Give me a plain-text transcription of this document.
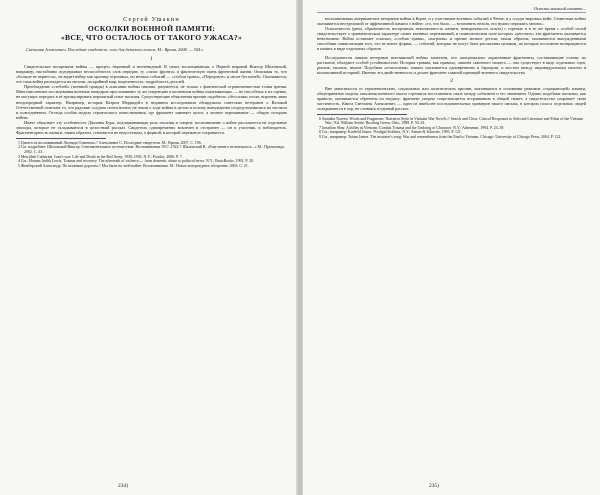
Сергей Ушакин
ОСКОЛКИ ВОЕННОЙ ПАМЯТИ:
«ВСЕ, ЧТО ОСТАЛОСЬ ОТ ТАКОГО УЖАСА?»
Светлана Алексиевич. Последние свидетели: соло для детского голоса. М.: Время, 2008. — 304 с.
1

Свидетельское восприятие войны — процесс неровный и неочевидный. В своих воспоминаниях о Первой мировой Виктор Шкловский, например, настойчиво подчеркивал неспособность слов передать ту «запах фронта» и фактическую ткань фронтовой жизни. Описывая то, что «больше не вернется», он видит войну как хронику огромных, но мелких событий — «стебли травы», «Передовое» и «ноги без коней». Оказывается, что сама война распадается на мелочи, на крайний мир, выделенность, подробность деталей.

Преобладание «стеблей» (военной правды) в описании войны связано, разумеется, не только с фактической ограниченностью точки зрения. Многочисленные исследования военных мемуаров прослеживают ту же тенденцию в косвенном войны охватывающих — не способных к их оценке, не могущих передать в её артикулировать пережитый опыт насилия. Существующие объяснения причин подобного «бессилия» носят, впрочем, явно неоднородный характер. Например, историк Катрин Мерридейл в недавнем исследовании обнаружила советских ветеранов о Великой Отечественной отмечает то, что рядовые солдаты почти ничего не знали о ходе войны в целом и потому вынужденно сосредоточивались на частном и повседневном. Отсюда особая модель героического повествования, где фрагмент заменяет целое, а личное переживание — общую историю войны.

Иначе объясняет эту особенность Джоанна Бурк, подчеркивающая роль насилия и смерти: воспоминание о войне рассыпается на отдельные эпизоды, которые не складываются в целостный рассказ. Свидетель одновременно вовлечен и отстранен — он и участник, и наблюдатель. Фрагментарность памяти, таким образом, становится не недостатком, а формой, в которой пережитое сохраняется.

1 Цитата из воспоминаний Леонида Семенова // Алексиевич С. Последние свидетели. М.: Время, 2007. С. 196.

2 См. подробнее: Шкловский Виктор. Сентиментальное путешествие: Воспоминания 1917–1922 // Шкловский В. «Еще ничего не кончилось...» М.: Пропаганда, 2002. С. 43.

3 Merridale Catherine. Ivan's war: Life and Death in the Red Army, 1939–1945. N.Y.: Picador, 2006. P. 7.

4 См.: Homan Judith Lewis. Trauma and recovery: The aftermath of violence — from domestic abuse to political terror. N.Y.: BasicBooks, 1992. P. 20.

5 Жемберский Александр. По военным дорогам // Мы были на этой войне: Воспоминания. М.: Новое литературное обозрение, 2003. С. 21.

234)
Осколки военной памяти...

воспоминаниях американских ветеранов войны в Корее, и у участников военных событий в Чечне, и у солдат мировых войн. Семиотика войны оказывается неотделимой от аффективной памяти о войне: «то, что было, — вспомнить нельзя, его нужно пережить заново».

Осколочность (речи, обрывочность восприятия, невозможность памяти, невыразимость опыта) с горечью и в то же время с особой силой свидетельствует о травматическом характере самих военных переживаний, в символическом поле которых «рассеять» эти фрагменты оказывается невозможно. Война оставляет осколки, «стеблю травы», «патроны» и прочие мелкие детали, таким образом, оказываются вынужденными способами символизации того, что не имеет формы, — событий, которые не могут быть рассказаны целиком, но которые постоянно возвращаются в память в виде отдельных образов.

Исследователи памяти ветеранов вьетнамской войны заметили, что эмоционально окрашенные фрагменты, составляющие основу их рассказов, обладают особой устойчивостью. История травмы, как правило, лишена сквозного сюжета — она существует в виде отдельных сцен, реплик, запахов, звуков. Подобная «осколочная» память оказывается одновременно и барьером, и мостом между индивидуальным опытом и коллективной историей. Именно эта двойственность и делает фрагмент главной единицей военного свидетельства.

2

Вне зависимости от терапевтических, социальных или политических причин, оказавшихся в основании режимов «отражающей» памяти, общепринятые модели описания военного опыта стремятся восстановить связь между событием и его значением. Однако подобные попытки, как правило, оказываются обречены на неудачу: фрагмент упорно сопротивляется встраиванию в общий сюжет, а свидетельство сохраняет свою частичность. Книга Светланы Алексиевич — один из наиболее последовательных примеров такого письма, в котором голоса отдельных людей складываются в хор, не сливаясь в единый рассказ.

6 Amitaba Noreen. Words and Fragments: Narrative Style in Vietnam War Novels // Search and Clear: Critical Responses to Selected Literature and Films of the Vietnam War / Ed. William Searle. Bowling Green, Ohio, 1988. P. 50–61.

7 Jonathan Shay. Achilles in Vietnam: Combat Trauma and the Undoing of Character. N.Y.: Atheneum, 1994. P. 23–39.

8 См., например: Kinfield James. Prodigal Soldiers. N.Y.: Simon & Schuster, 1995. P. 121.

9 См., например: Tatum James. The mourner's song: War and remembrance from the Iliad to Vietnam. Chicago: University of Chicago Press, 2004. P. 122.

235)
